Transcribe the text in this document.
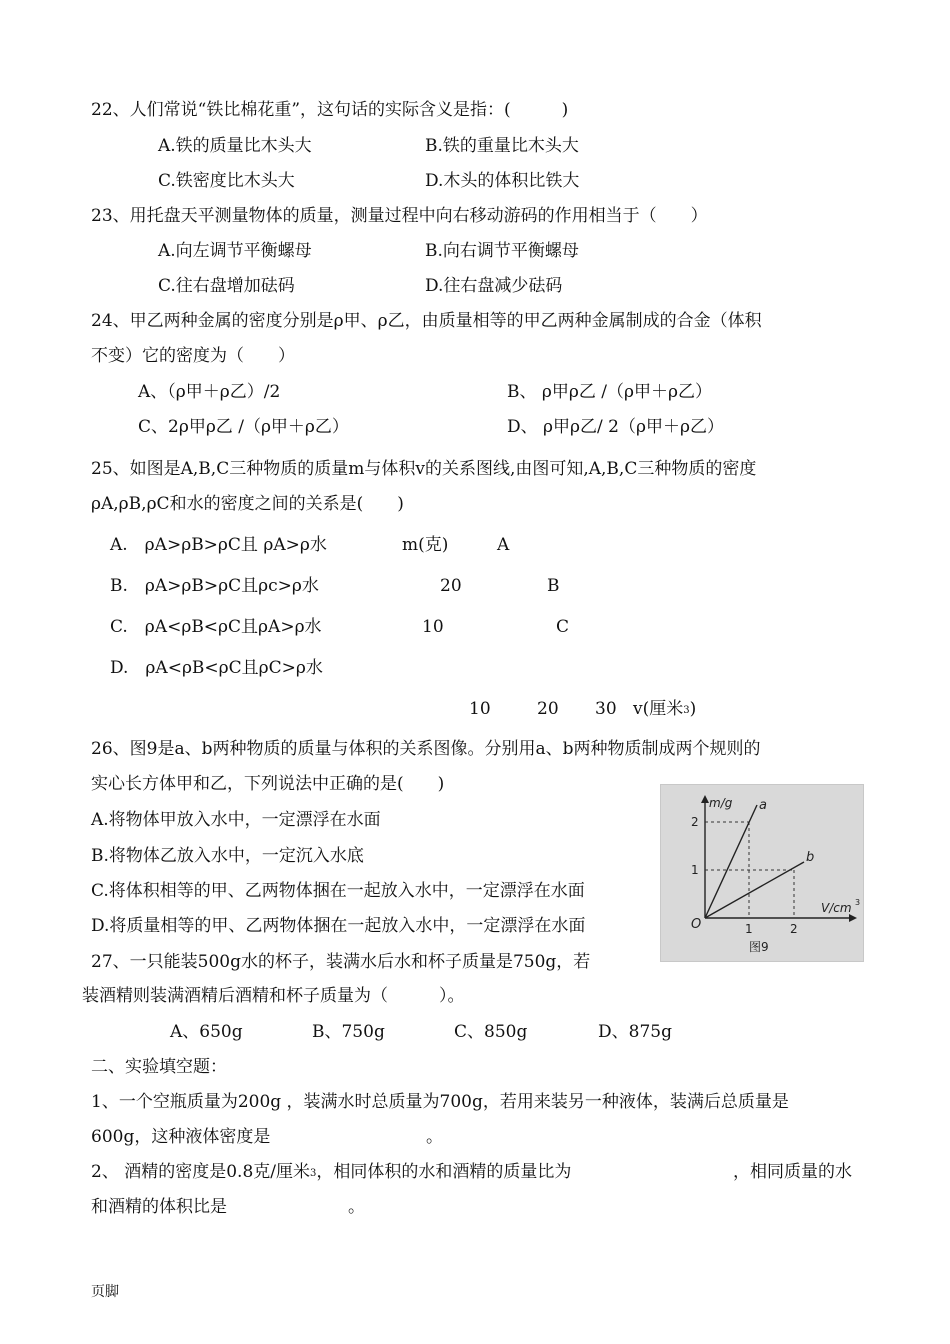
22、人们常说“铁比棉花重”，这句话的实际含义是指：(　　　)
A.铁的质量比木头大	B.铁的重量比木头大
C.铁密度比木头大	D.木头的体积比铁大
23、用托盘天平测量物体的质量，测量过程中向右移动游码的作用相当于（　　）
A.向左调节平衡螺母	B.向右调节平衡螺母
C.往右盘增加砝码	D.往右盘减少砝码
24、甲乙两种金属的密度分别是ρ甲、ρ乙，由质量相等的甲乙两种金属制成的合金（体积
不变）它的密度为（　　）
A、（ρ甲＋ρ乙）/2	B、 ρ甲ρ乙 /（ρ甲＋ρ乙）
C、2ρ甲ρ乙 /（ρ甲＋ρ乙）	D、 ρ甲ρ乙/ 2（ρ甲＋ρ乙）
25、如图是A,B,C三种物质的质量m与体积v的关系图线,由图可知,A,B,C三种物质的密度
ρA,ρB,ρC和水的密度之间的关系是(　　)
A.　ρA>ρB>ρC且 ρA>ρ水
B.　ρA>ρB>ρC且ρc>ρ水
C.　ρA<ρB<ρC且ρA>ρ水
D.　ρA<ρB<ρC且ρC>ρ水
m(克)	A
20	B
10	C
10	20 30 v(厘米3)
26、图9是a、b两种物质的质量与体积的关系图像。分别用a、b两种物质制成两个规则的
实心长方体甲和乙，下列说法中正确的是(　　)
A.将物体甲放入水中，一定漂浮在水面
B.将物体乙放入水中，一定沉入水底
C.将体积相等的甲、乙两物体捆在一起放入水中，一定漂浮在水面
D.将质量相等的甲、乙两物体捆在一起放入水中，一定漂浮在水面
m/g a
b
2
1
O	1	2
V/cm 3
图9
27、一只能装500g水的杯子，装满水后水和杯子质量是750g，若
装酒精则装满酒精后酒精和杯子质量为（　　　）。
A、650g	B、750g	C、850g	D、875g
二、实验填空题：
1、一个空瓶质量为200g ，装满水时总质量为700g，若用来装另一种液体，装满后总质量是
600g，这种液体密度是	。
2、 酒精的密度是0.8克/厘米3，相同体积的水和酒精的质量比为	，相同质量的水
和酒精的体积比是	。
页脚
